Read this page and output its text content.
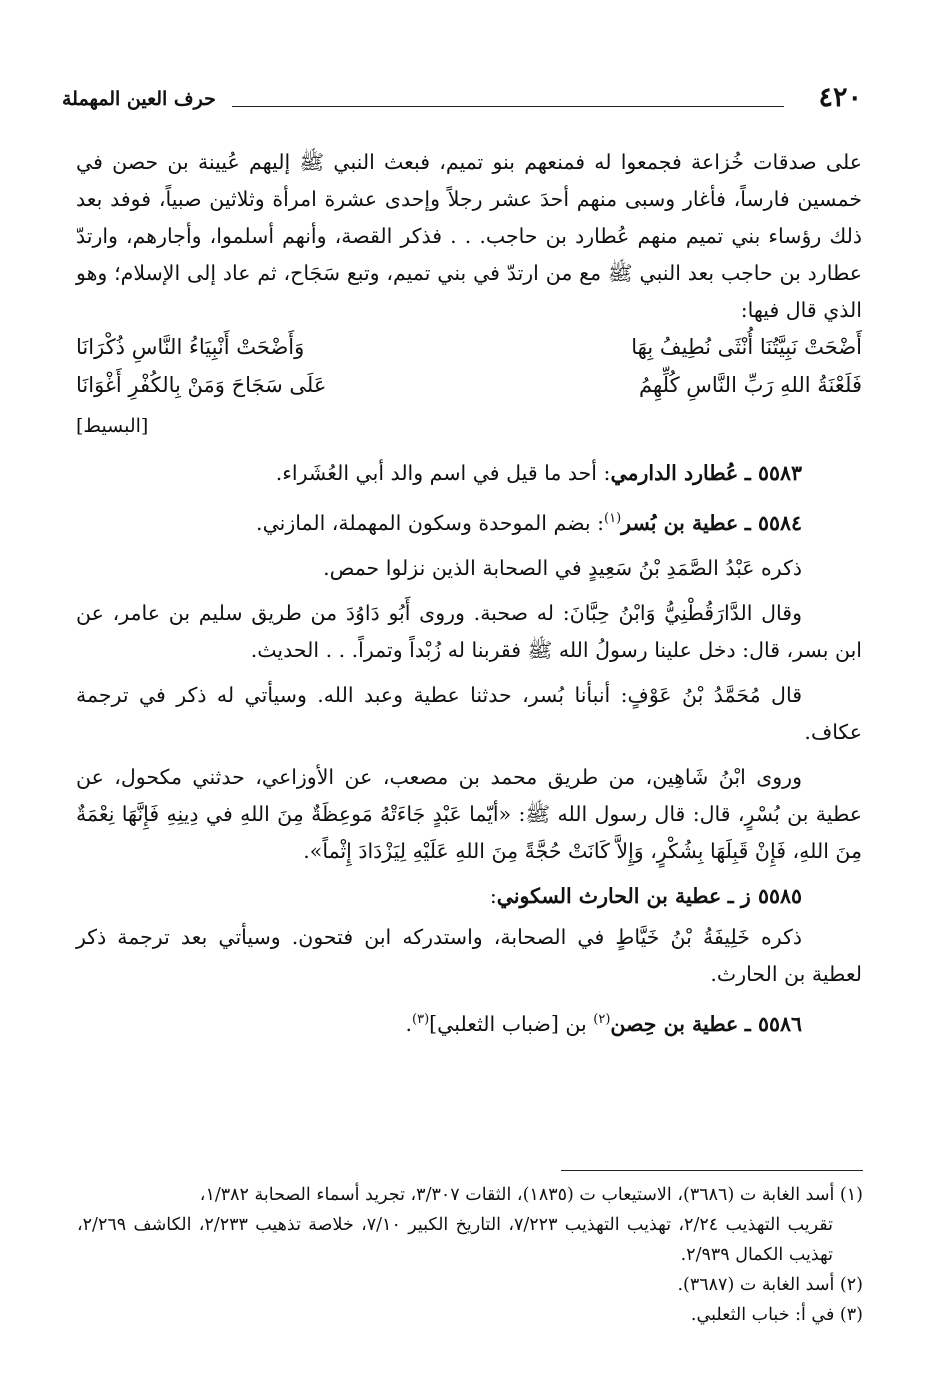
٤٢٠
حرف العين المهملة

على صدقات خُزاعة فجمعوا له فمنعهم بنو تميم، فبعث النبي ﷺ إليهم عُيينة بن حصن في خمسين فارساً، فأغار وسبى منهم أحدَ عشر رجلاً وإحدى عشرة امرأة وثلاثين صبياً، فوفد بعد ذلك رؤساء بني تميم منهم عُطارد بن حاجب. . . فذكر القصة، وأنهم أسلموا، وأجارهم، وارتدّ عطارد بن حاجب بعد النبي ﷺ مع من ارتدّ في بني تميم، وتبع سَجَاح، ثم عاد إلى الإسلام؛ وهو الذي قال فيها:

أَضْحَتْ نَبِيَّتُنَا أُنْثَى نُطِيفُ بِهَا
وَأَضْحَتْ أَنْبِيَاءُ النَّاسِ ذُكْرَانَا
فَلَعْنَةُ اللهِ رَبِّ النَّاسِ كُلِّهِمُ
عَلَى سَجَاحَ وَمَنْ بِالكُفْرِ أَغْوَانَا
[البسيط]

٥٥٨٣ ـ عُطارد الدارمي: أحد ما قيل في اسم والد أبي العُشَراء.

٥٥٨٤ ـ عطية بن بُسر$^{(١)}$: بضم الموحدة وسكون المهملة، المازني.

ذكره عَبْدُ الصَّمَدِ بْنُ سَعِيدٍ في الصحابة الذين نزلوا حمص.

وقال الدَّارَقُطْنِيُّ وَابْنُ حِبَّانَ: له صحبة. وروى أَبُو دَاوُدَ من طريق سليم بن عامر، عن ابن بسر، قال: دخل علينا رسولُ الله ﷺ فقربنا له زُبْداً وتمراً. . . الحديث.

قال مُحَمَّدُ بْنُ عَوْفٍ: أنبأنا بُسر، حدثنا عطية وعبد الله. وسيأتي له ذكر في ترجمة عكاف.

وروى ابْنُ شَاهِين، من طريق محمد بن مصعب، عن الأوزاعي، حدثني مكحول، عن عطية بن بُسْرٍ، قال: قال رسول الله ﷺ: «أيّما عَبْدٍ جَاءَتْهُ مَوعِظَةٌ مِنَ اللهِ في دِينِهِ فَإِنَّهَا نِعْمَةٌ مِنَ اللهِ، فَإِنْ قَبِلَهَا بِشُكْرٍ، وَإِلاَّ كَانَتْ حُجَّةً مِنَ اللهِ عَلَيْهِ لِيَزْدَادَ إِثْماً».

٥٥٨٥ ز ـ عطية بن الحارث السكوني:

ذكره خَلِيفَةُ بْنُ خَيَّاطٍ في الصحابة، واستدركه ابن فتحون. وسيأتي بعد ترجمة ذكر لعطية بن الحارث.

٥٥٨٦ ـ عطية بن حِصن$^{(٢)}$ بن [ضباب الثعلبي]$^{(٣)}$.

(١) أسد الغابة ت (٣٦٨٦)، الاستيعاب ت (١٨٣٥)، الثقات ٣/٣٠٧، تجريد أسماء الصحابة ١/٣٨٢،
تقريب التهذيب ٢/٢٤، تهذيب التهذيب ٧/٢٢٣، التاريخ الكبير ٧/١٠، خلاصة تذهيب ٢/٢٣٣، الكاشف ٢/٢٦٩، تهذيب الكمال ٢/٩٣٩.

(٢) أسد الغابة ت (٣٦٨٧).

(٣) في أ: خباب الثعلبي.
